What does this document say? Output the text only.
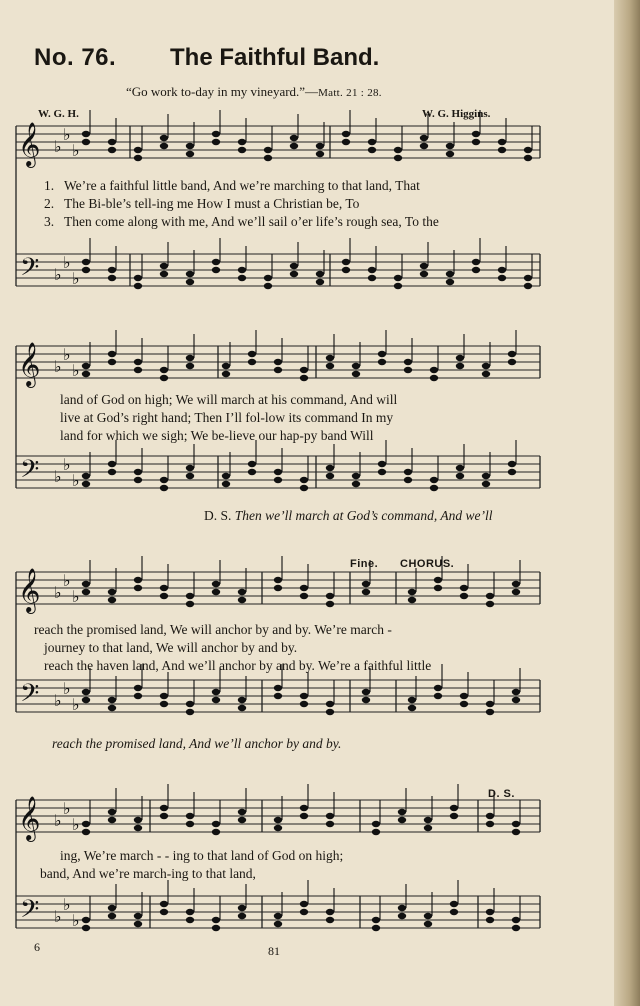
No. 76. The Faithful Band.
“Go work to-day in my vineyard.”—Matt. 21 : 28.
W. G. H.	W. G. Higgins.
𝄞 ♭
♭
♭
𝄢 ♭
♭
♭
𝄞 ♭
♭
♭
𝄢 ♭
♭
♭
𝄞 ♭
♭
♭
𝄢 ♭
♭
♭
𝄞 ♭
♭
♭
𝄢 ♭
♭
♭
1. We’re a faithful little band, And we’re marching to that land, That
2. The Bi-ble’s tell-ing me How I must a Christian be, To
3. Then come along with me, And we’ll sail o’er life’s rough sea, To the
land of God on high; We will march at his command, And will
live at God’s right hand; Then I’ll fol-low its command In my
land for which we sigh; We be-lieve our hap-py band Will
D. S. Then we’ll march at God’s command, And we’ll
Fine. CHORUS.
reach the promised land, We will anchor by and by. We’re march -
journey to that land, We will anchor by and by.
reach the haven land, And we’ll anchor by and by. We’re a faithful little
reach the promised land, And we’ll anchor by and by.
D. S.
ing, We’re march - - ing to that land of God on high;
band, And we’re march-ing to that land,
6	81
